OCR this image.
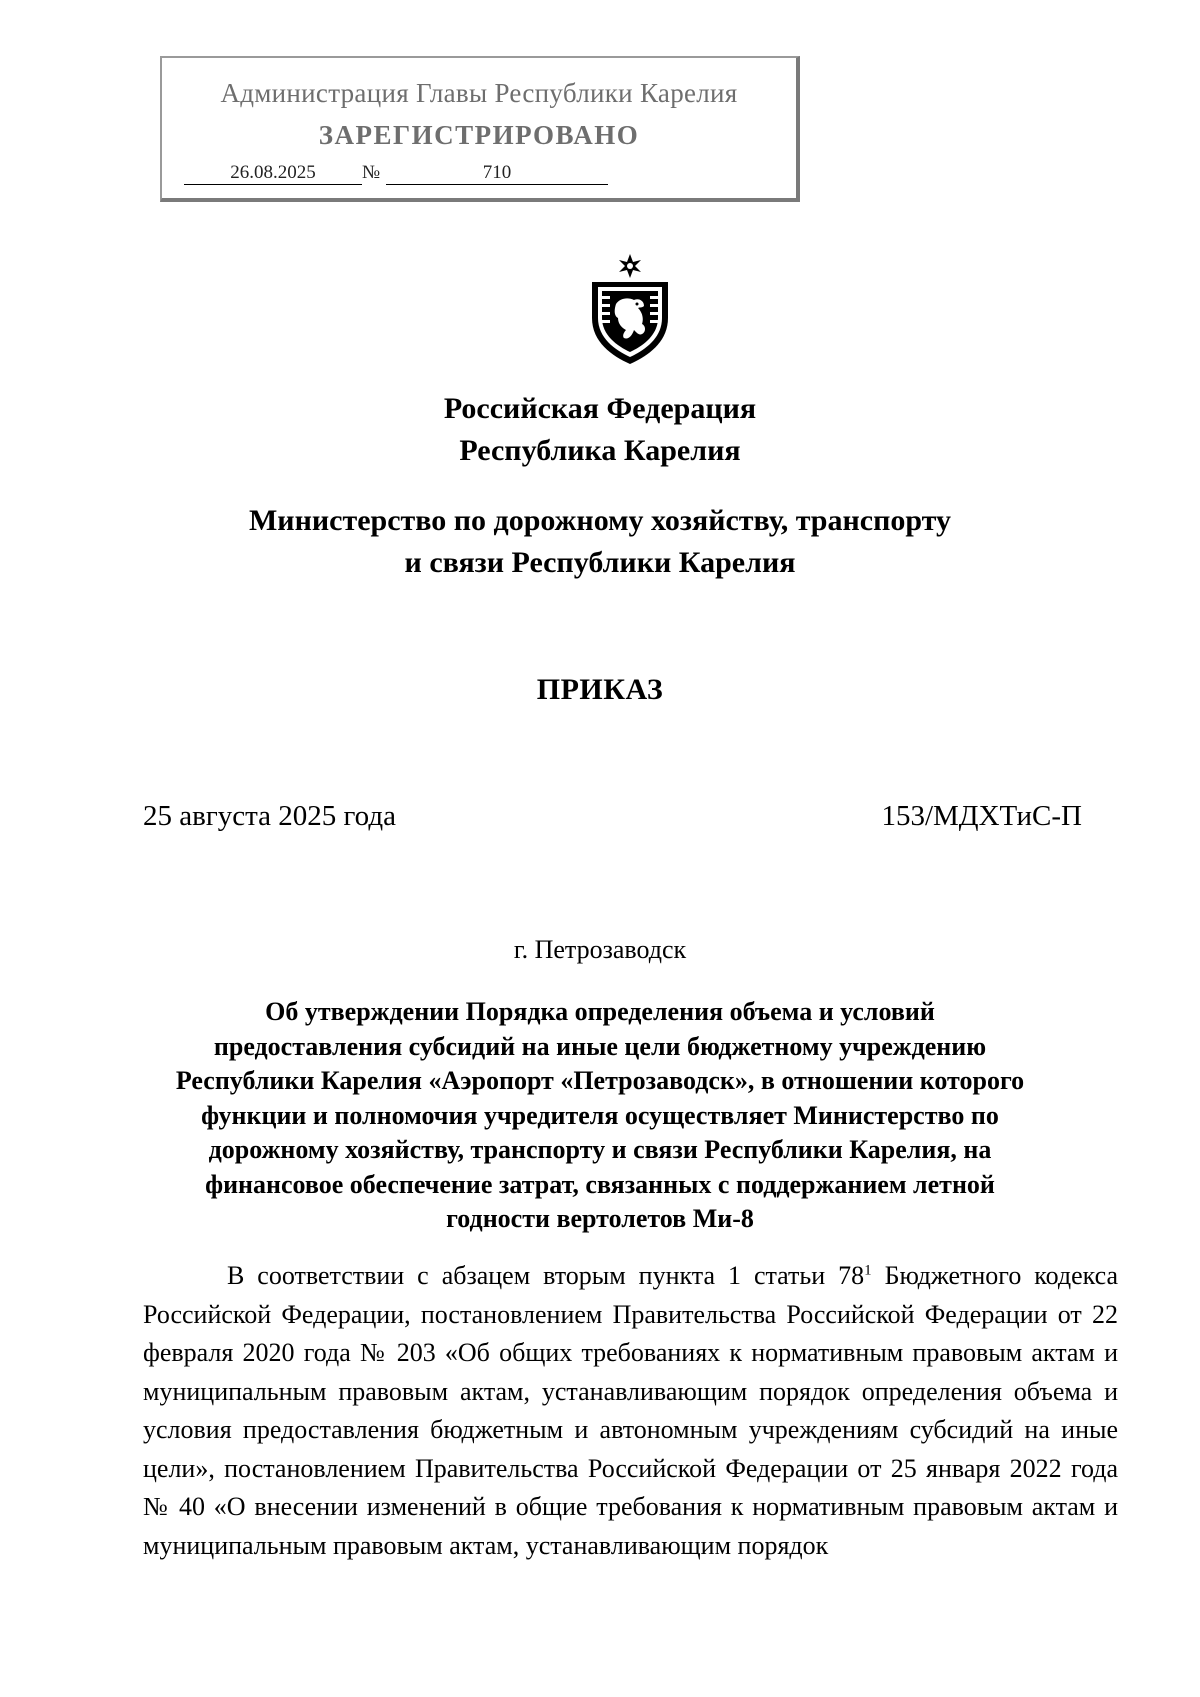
Администрация Главы Республики Карелия
ЗАРЕГИСТРИРОВАНО
26.08.2025	№	710
Российская Федерация
Республика Карелия
Министерство по дорожному хозяйству, транспорту
и связи Республики Карелия
ПРИКАЗ
25 августа 2025 года	153/МДХТиС-П
г. Петрозаводск
Об утверждении Порядка определения объема и условий
предоставления субсидий на иные цели бюджетному учреждению
Республики Карелия «Аэропорт «Петрозаводск», в отношении которого
функции и полномочия учредителя осуществляет Министерство по
дорожному хозяйству, транспорту и связи Республики Карелия, на
финансовое обеспечение затрат, связанных с поддержанием летной
годности вертолетов Ми-8
В соответствии с абзацем вторым пункта 1 статьи $78^1$ Бюджетного кодекса Российской Федерации, постановлением Правительства Российской Федерации от 22 февраля 2020 года № 203 «Об общих требованиях к нормативным правовым актам и муниципальным правовым актам, устанавливающим порядок определения объема и условия предоставления бюджетным и автономным учреждениям субсидий на иные цели», постановлением Правительства Российской Федерации от 25 января 2022 года № 40 «О внесении изменений в общие требования к нормативным правовым актам и муниципальным правовым актам, устанавливающим порядок
